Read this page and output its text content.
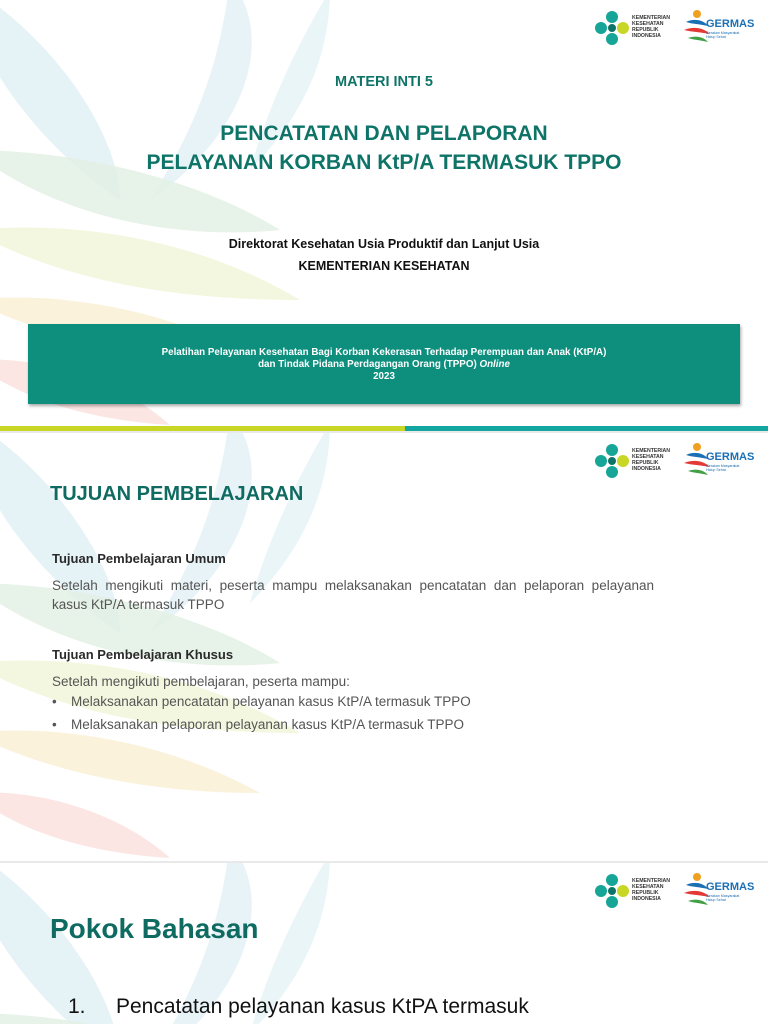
KEMENTERIAN
KESEHATAN
REPUBLIK
INDONESIA
GERMAS
Gerakan Masyarakat Hidup Sehat
MATERI INTI 5
PENCATATAN DAN PELAPORAN
PELAYANAN KORBAN KtP/A TERMASUK TPPO
Direktorat Kesehatan Usia Produktif dan Lanjut Usia
KEMENTERIAN KESEHATAN
Pelatihan Pelayanan Kesehatan Bagi Korban Kekerasan Terhadap Perempuan dan Anak (KtP/A)
dan Tindak Pidana Perdagangan Orang (TPPO) Online
2023
KEMENTERIAN
KESEHATAN
REPUBLIK
INDONESIA
GERMAS
Gerakan Masyarakat Hidup Sehat
TUJUAN PEMBELAJARAN
Tujuan Pembelajaran Umum
Setelah mengikuti materi, peserta mampu melaksanakan pencatatan dan pelaporan pelayanan kasus KtP/A termasuk TPPO
Tujuan Pembelajaran Khusus
Setelah mengikuti pembelajaran, peserta mampu:
• Melaksanakan pencatatan pelayanan kasus KtP/A termasuk TPPO
• Melaksanakan pelaporan pelayanan kasus KtP/A termasuk TPPO
KEMENTERIAN
KESEHATAN
REPUBLIK
INDONESIA
GERMAS
Gerakan Masyarakat Hidup Sehat
Pokok Bahasan
1. Pencatatan pelayanan kasus KtPA termasuk
